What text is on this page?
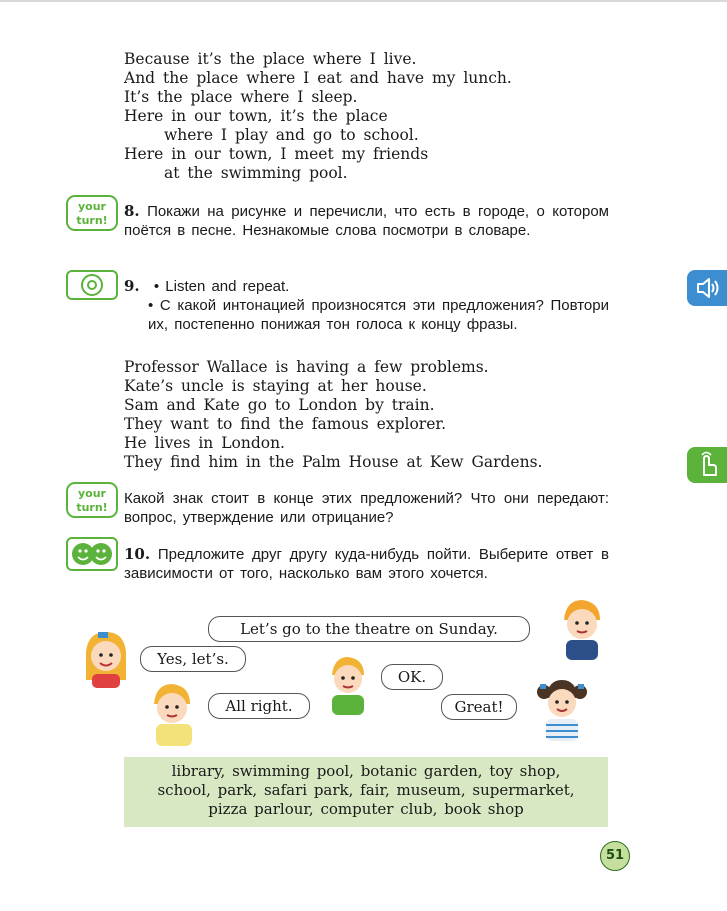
Because it’s the place where I live.
And the place where I eat and have my lunch.
It’s the place where I sleep.
Here in our town, it’s the place
where I play and go to school.
Here in our town, I meet my friends
at the swimming pool.
your
turn!
8. Покажи на рисунке и перечисли, что есть в городе, о котором поётся в песне. Незнакомые слова посмотри в словаре.
9. • Listen and repeat.
• С какой интонацией произносятся эти предложения? Повтори их, постепенно понижая тон голоса к концу фразы.
Professor Wallace is having a few problems.
Kate’s uncle is staying at her house.
Sam and Kate go to London by train.
They want to find the famous explorer.
He lives in London.
They find him in the Palm House at Kew Gardens.
your
turn!
Какой знак стоит в конце этих предложений? Что они передают: вопрос, утверждение или отрицание?
10. Предложите друг другу куда-нибудь пойти. Выберите ответ в зависимости от того, насколько вам этого хочется.
Let’s go to the theatre on Sunday.
Yes, let’s.
OK.
All right.	Great!
library, swimming pool, botanic garden, toy shop,
school, park, safari park, fair, museum, supermarket,
pizza parlour, computer club, book shop
51
